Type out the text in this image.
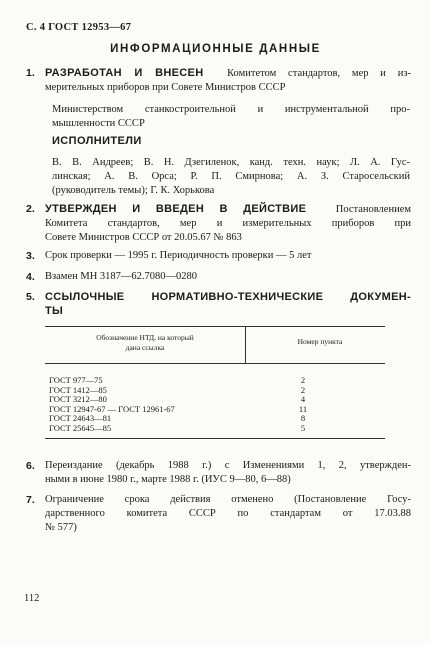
С. 4 ГОСТ 12953—67
ИНФОРМАЦИОННЫЕ ДАННЫЕ
1. РАЗРАБОТАН И ВНЕСЕН Комитетом стандартов, мер и из-
мерительных приборов при Совете Министров СССР
Министерством станкостроительной и инструментальной про-
мышленности СССР
ИСПОЛНИТЕЛИ
В. В. Андреев; В. Н. Дзегиленок, канд. техн. наук; Л. А. Гус-
линская; А. В. Орса; Р. П. Смирнова; А. З. Старосельский
(руководитель темы); Г. К. Хорькова
2. УТВЕРЖДЕН И ВВЕДЕН В ДЕЙСТВИЕ	Постановлением
Комитета стандартов, мер и измерительных приборов при
Совете Министров СССР от 20.05.67 № 863
3. Срок проверки — 1995 г. Периодичность проверки — 5 лет
4. Взамен МН 3187—62.7080—0280
5. ССЫЛОЧНЫЕ НОРМАТИВНО-ТЕХНИЧЕСКИЕ ДОКУМЕН-
ТЫ
Обозначение НТД, на который
дана ссылка
Номер пункта
ГОСТ 977—75	2
ГОСТ 1412—85	2
ГОСТ 3212—80	4
ГОСТ 12947-67 — ГОСТ 12961-67	11
ГОСТ 24643—81	8
ГОСТ 25645—85	5
6. Переиздание (декабрь 1988 г.) с Изменениями 1, 2, утвержден-
ными в июне 1980 г., марте 1988 г. (ИУС 9—80, 6—88)
7. Ограничение срока действия отменено (Постановление Госу-
дарственного комитета СССР по стандартам от 17.03.88
№ 577)
112
